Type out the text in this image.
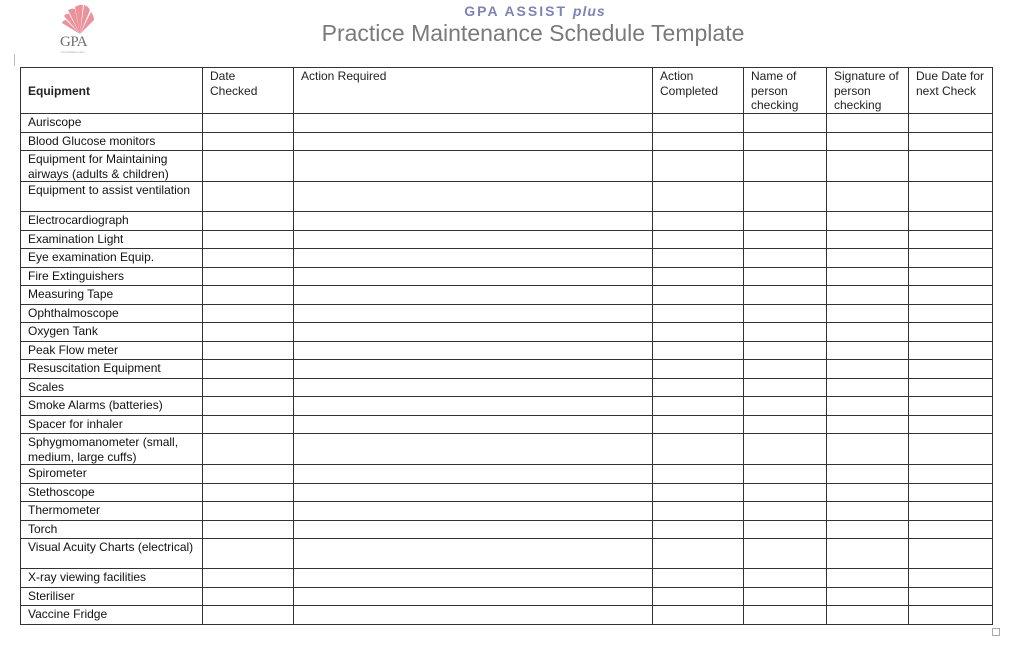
GPA
Accreditation plus
GPA ASSIST plus
Practice Maintenance Schedule Template
Equipment	Date Checked	Action Required	Action Completed	Name of person checking	Signature of person checking	Due Date for next Check
Auriscope						
Blood Glucose monitors						
Equipment for Maintaining airways (adults & children)						
Equipment to assist ventilation						
Electrocardiograph						
Examination Light						
Eye examination Equip.						
Fire Extinguishers						
Measuring Tape						
Ophthalmoscope						
Oxygen Tank						
Peak Flow meter						
Resuscitation Equipment						
Scales						
Smoke Alarms (batteries)						
Spacer for inhaler						
Sphygmomanometer (small, medium, large cuffs)						
Spirometer						
Stethoscope						
Thermometer						
Torch						
Visual Acuity Charts (electrical)						
X-ray viewing facilities						
Steriliser						
Vaccine Fridge						
